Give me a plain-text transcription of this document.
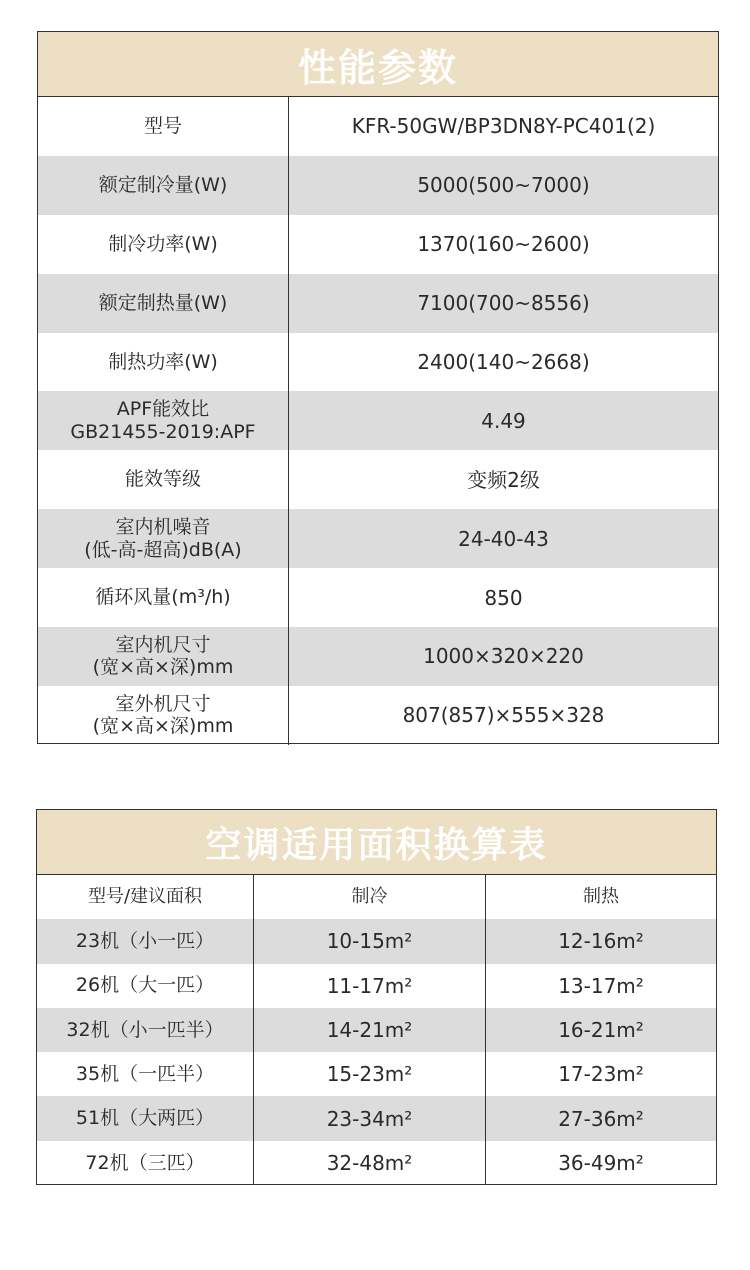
性能参数
型号	KFR-50GW/BP3DN8Y-PC401(2)
额定制冷量(W)	5000(500~7000)
制冷功率(W)	1370(160~2600)
额定制热量(W)	7100(700~8556)
制热功率(W)	2400(140~2668)
APF能效比
GB21455-2019:APF	4.49
能效等级	变频2级
室内机噪音
(低-高-超高)dB(A)	24-40-43
循环风量(m³/h)	850
室内机尺寸
(宽×高×深)mm	1000×320×220
室外机尺寸
(宽×高×深)mm	807(857)×555×328
空调适用面积换算表
型号/建议面积	制冷	制热
23机（小一匹）	10-15m²	12-16m²
26机（大一匹）	11-17m²	13-17m²
32机（小一匹半）	14-21m²	16-21m²
35机（一匹半）	15-23m²	17-23m²
51机（大两匹）	23-34m²	27-36m²
72机（三匹）	32-48m²	36-49m²
